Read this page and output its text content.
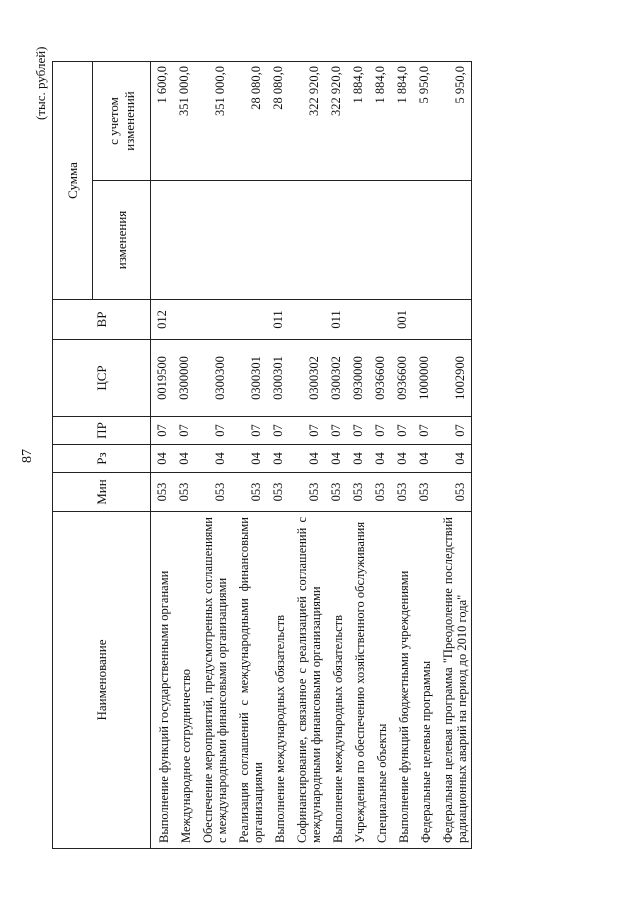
87
(тыс. рублей)
Наименование	Мин	Рз	ПР	ЦСР	ВР	Сумма	
						изменения	с учетом изменений
Выполнение функций государственными органами	053	04	07	0019500	012		1 600,0
Международное сотрудничество	053	04	07	0300000			351 000,0
Обеспечение мероприятий, предусмотренных соглашениями с международными финансовыми организациями	053	04	07	0300300			351 000,0
Реализация соглашений с международными финансовыми организациями	053	04	07	0300301			28 080,0
Выполнение международных обязательств	053	04	07	0300301	011		28 080,0
Софинансирование, связанное с реализацией соглашений с международными финансовыми организациями	053	04	07	0300302			322 920,0
Выполнение международных обязательств	053	04	07	0300302	011		322 920,0
Учреждения по обеспечению хозяйственного обслуживания	053	04	07	0930000			1 884,0
Специальные объекты	053	04	07	0936600			1 884,0
Выполнение функций бюджетными учреждениями	053	04	07	0936600	001		1 884,0
Федеральные целевые программы	053	04	07	1000000			5 950,0
Федеральная целевая программа "Преодоление последствий радиационных аварий на период до 2010 года"	053	04	07	1002900			5 950,0
